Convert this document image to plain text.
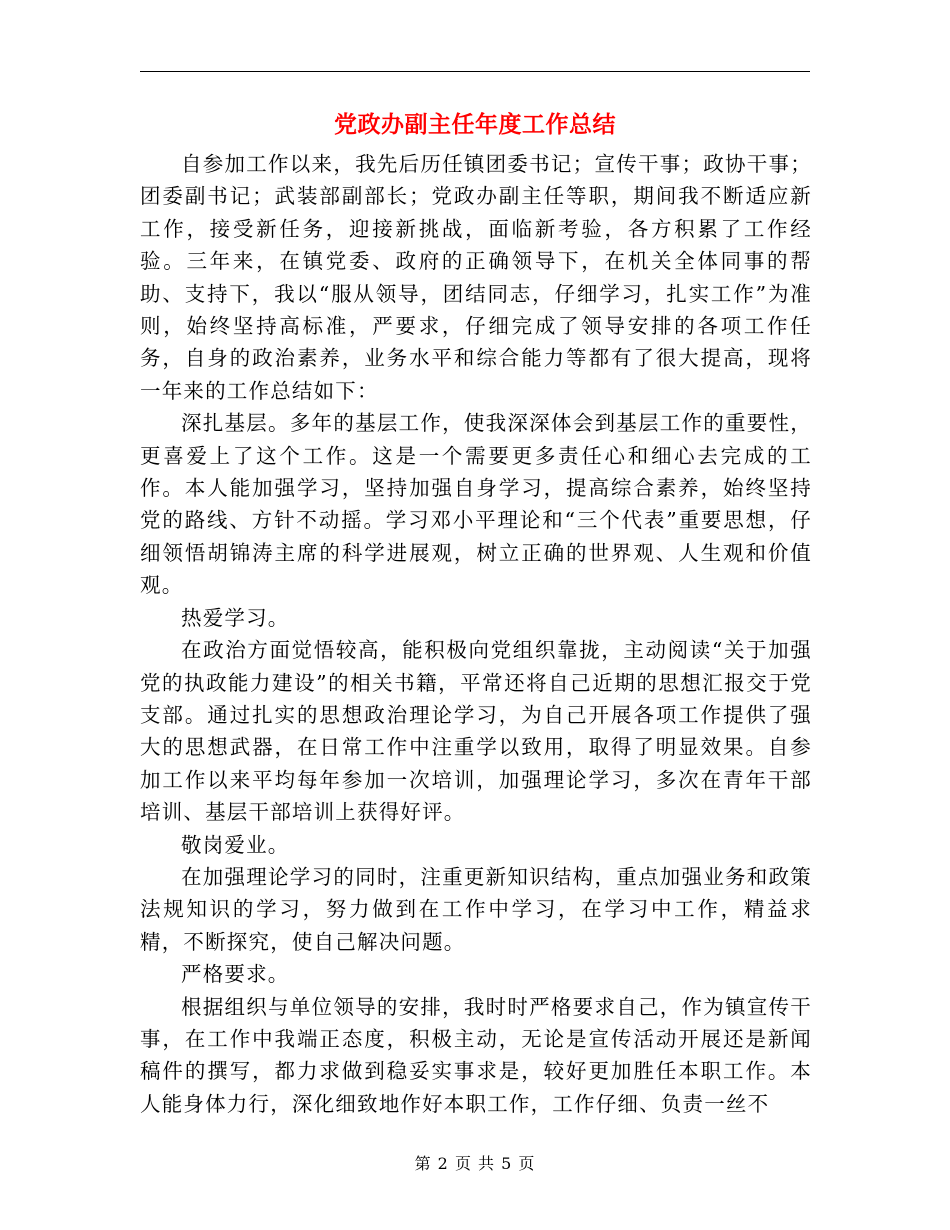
党政办副主任年度工作总结

自参加工作以来，我先后历任镇团委书记；宣传干事；政协干事；团委副书记；武装部副部长；党政办副主任等职，期间我不断适应新工作，接受新任务，迎接新挑战，面临新考验，各方积累了工作经验。三年来，在镇党委、政府的正确领导下，在机关全体同事的帮助、支持下，我以“服从领导，团结同志，仔细学习，扎实工作”为准则，始终坚持高标准，严要求，仔细完成了领导安排的各项工作任务，自身的政治素养，业务水平和综合能力等都有了很大提高，现将一年来的工作总结如下：

深扎基层。多年的基层工作，使我深深体会到基层工作的重要性，更喜爱上了这个工作。这是一个需要更多责任心和细心去完成的工作。本人能加强学习，坚持加强自身学习，提高综合素养，始终坚持党的路线、方针不动摇。学习邓小平理论和“三个代表”重要思想，仔细领悟胡锦涛主席的科学进展观，树立正确的世界观、人生观和价值观。

热爱学习。

在政治方面觉悟较高，能积极向党组织靠拢，主动阅读“关于加强党的执政能力建设”的相关书籍，平常还将自己近期的思想汇报交于党支部。通过扎实的思想政治理论学习，为自己开展各项工作提供了强大的思想武器，在日常工作中注重学以致用，取得了明显效果。自参加工作以来平均每年参加一次培训，加强理论学习，多次在青年干部培训、基层干部培训上获得好评。

敬岗爱业。

在加强理论学习的同时，注重更新知识结构，重点加强业务和政策法规知识的学习，努力做到在工作中学习，在学习中工作，精益求精，不断探究，使自己解决问题。

严格要求。

根据组织与单位领导的安排，我时时严格要求自己，作为镇宣传干事，在工作中我端正态度，积极主动，无论是宣传活动开展还是新闻稿件的撰写，都力求做到稳妥实事求是，较好更加胜任本职工作。本人能身体力行，深化细致地作好本职工作，工作仔细、负责一丝不

第 2 页 共 5 页
